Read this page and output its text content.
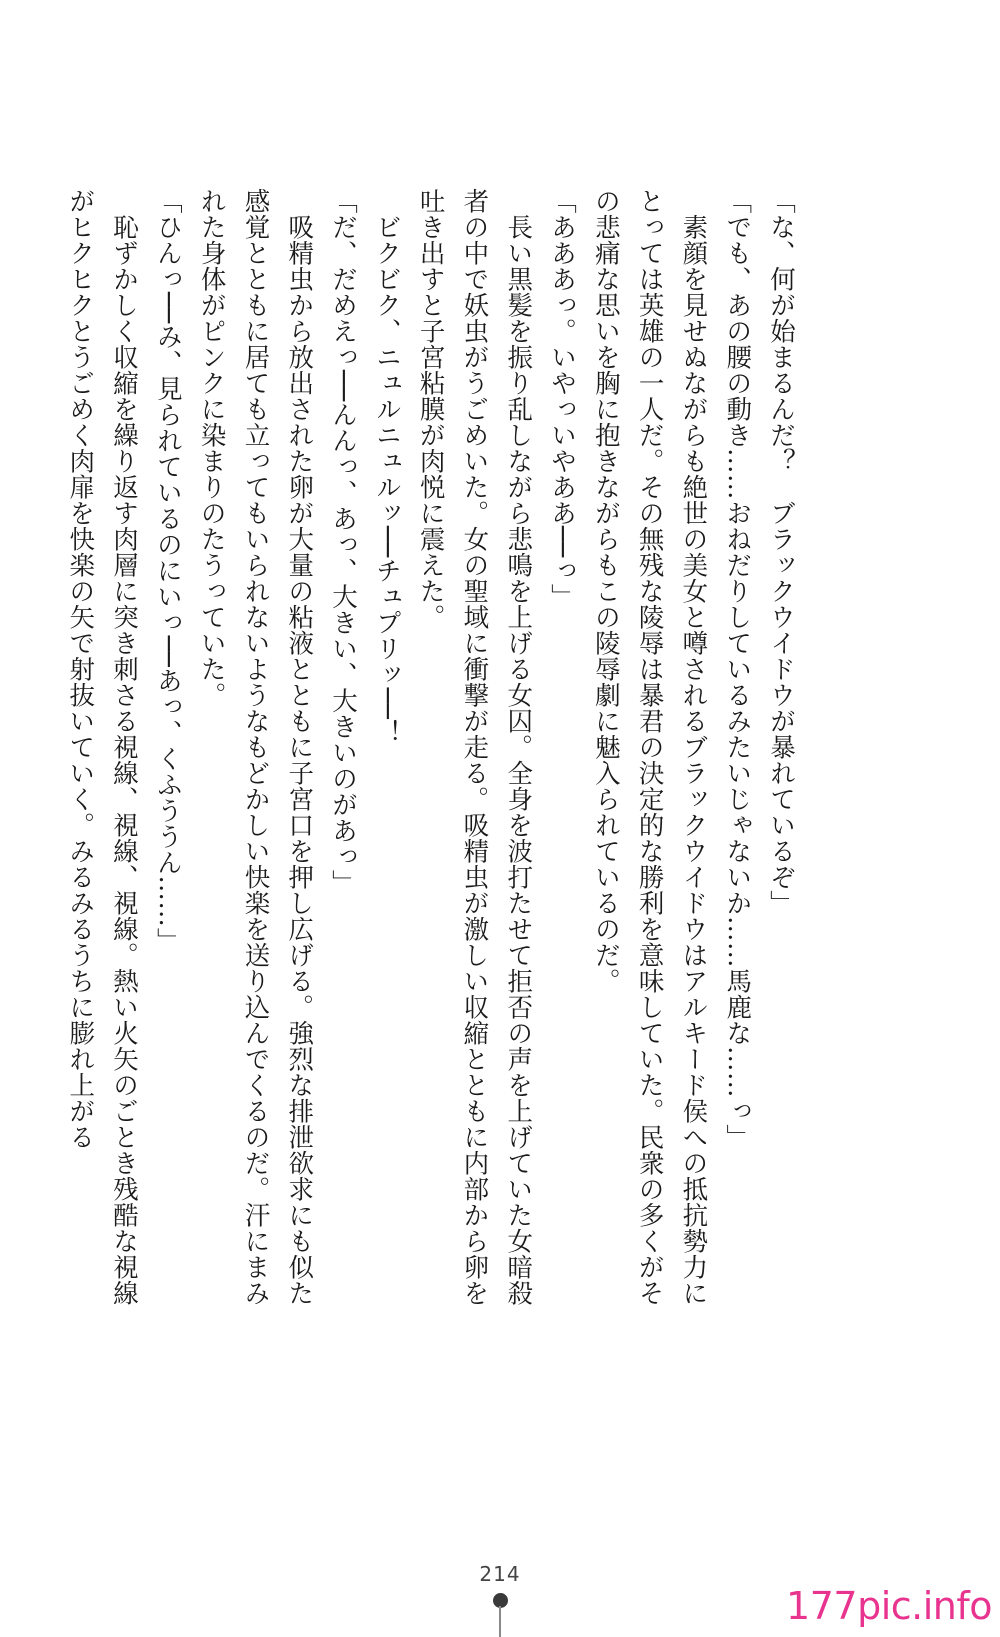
「な、何が始まるんだ？　ブラックウイドウが暴れているぞ」

「でも、あの腰の動き……おねだりしているみたいじゃないか……馬鹿な……っ」

　素顔を見せぬながらも絶世の美女と噂されるブラックウイドウはアルキード侯への抵抗勢力にとっては英雄の一人だ。その無残な陵辱は暴君の決定的な勝利を意味していた。民衆の多くがその悲痛な思いを胸に抱きながらもこの陵辱劇に魅入られているのだ。

「あああっ。いやっいやああ──っ」

　長い黒髪を振り乱しながら悲鳴を上げる女囚。全身を波打たせて拒否の声を上げていた女暗殺者の中で妖虫がうごめいた。女の聖域に衝撃が走る。吸精虫が激しい収縮とともに内部から卵を吐き出すと子宮粘膜が肉悦に震えた。

　ビクビク、ニュルニュルッ──チュプリッ──！

「だ、だめえっ──んんっ、あっ、大きい、大きいのがあっ」

　吸精虫から放出された卵が大量の粘液とともに子宮口を押し広げる。強烈な排泄欲求にも似た感覚とともに居ても立ってもいられないようなもどかしい快楽を送り込んでくるのだ。汗にまみれた身体がピンクに染まりのたうっていた。

「ひんっ──み、見られているのにいっ──あっ、くふううん……」

　恥ずかしく収縮を繰り返す肉層に突き刺さる視線、視線、視線。熱い火矢のごとき残酷な視線がヒクヒクとうごめく肉扉を快楽の矢で射抜いていく。みるみるうちに膨れ上がる

214
177pic.info
